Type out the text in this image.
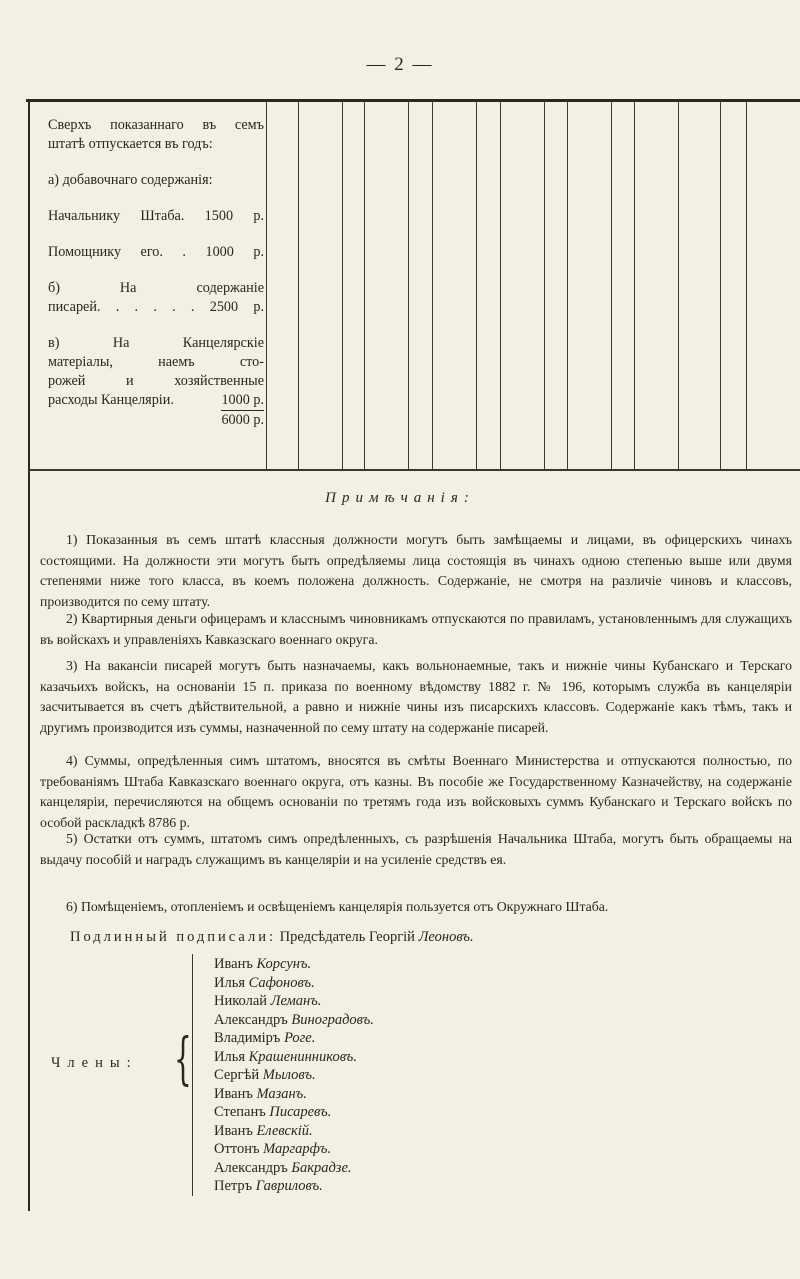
— 2 —
Сверхъ показаннаго въ семъ
штатѣ отпускается въ годъ:
а) добавочнаго содержанія:
Начальнику Штаба. 1500 р.
Помощнику его. . 1000 р.
б) На содержаніе
писарей. . . . . . 2500 р.
в) На Канцелярскіе
матеріалы, наемъ сто-
рожей и хозяйственные
расходы Канцеляріи.	1000 р.
6000 р.
Примѣчанія:

1) Показанныя въ семъ штатѣ классныя должности могутъ быть замѣщаемы и лицами, въ офицерскихъ чинахъ состоящими. На должности эти могутъ быть опредѣляемы лица состоящія въ чинахъ одною степенью выше или двумя степенями ниже того класса, въ коемъ положена должность. Содержаніе, не смотря на различіе чиновъ и классовъ, производится по сему штату.

2) Квартирныя деньги офицерамъ и класснымъ чиновникамъ отпускаются по правиламъ, установленнымъ для служащихъ въ войскахъ и управленіяхъ Кавказскаго военнаго округа.

3) На вакансіи писарей могутъ быть назначаемы, какъ вольнонаемные, такъ и нижніе чины Кубанскаго и Терскаго казачьихъ войскъ, на основаніи 15 п. приказа по военному вѣдомству 1882 г. № 196, которымъ служба въ канцеляріи засчитывается въ счетъ дѣйствительной, а равно и нижніе чины изъ писарскихъ классовъ. Содержаніе какъ тѣмъ, такъ и другимъ производится изъ суммы, назначенной по сему штату на содержаніе писарей.

4) Суммы, опредѣленныя симъ штатомъ, вносятся въ смѣты Военнаго Министерства и отпускаются полностью, по требованіямъ Штаба Кавказскаго военнаго округа, отъ казны. Въ пособіе же Государственному Казначейству, на содержаніе канцеляріи, перечисляются на общемъ основаніи по третямъ года изъ войсковыхъ суммъ Кубанскаго и Терскаго войскъ по особой раскладкѣ 8786 р.

5) Остатки отъ суммъ, штатомъ симъ опредѣленныхъ, съ разрѣшенія Начальника Штаба, могутъ быть обращаемы на выдачу пособій и наградъ служащимъ въ канцеляріи и на усиленіе средствъ ея.

6) Помѣщеніемъ, отопленіемъ и освѣщеніемъ канцелярія пользуется отъ Окружнаго Штаба.

Подлинный подписали: Предсѣдатель Георгій Леоновъ.
Члены: {
Иванъ Корсунъ.
Илья Сафоновъ.
Николай Леманъ.
Александръ Виноградовъ.
Владиміръ Роге.
Илья Крашенинниковъ.
Сергѣй Мыловъ.
Иванъ Мазанъ.
Степанъ Писаревъ.
Иванъ Елевскій.
Оттонъ Маргарфъ.
Александръ Бакрадзе.
Петръ Гавриловъ.
